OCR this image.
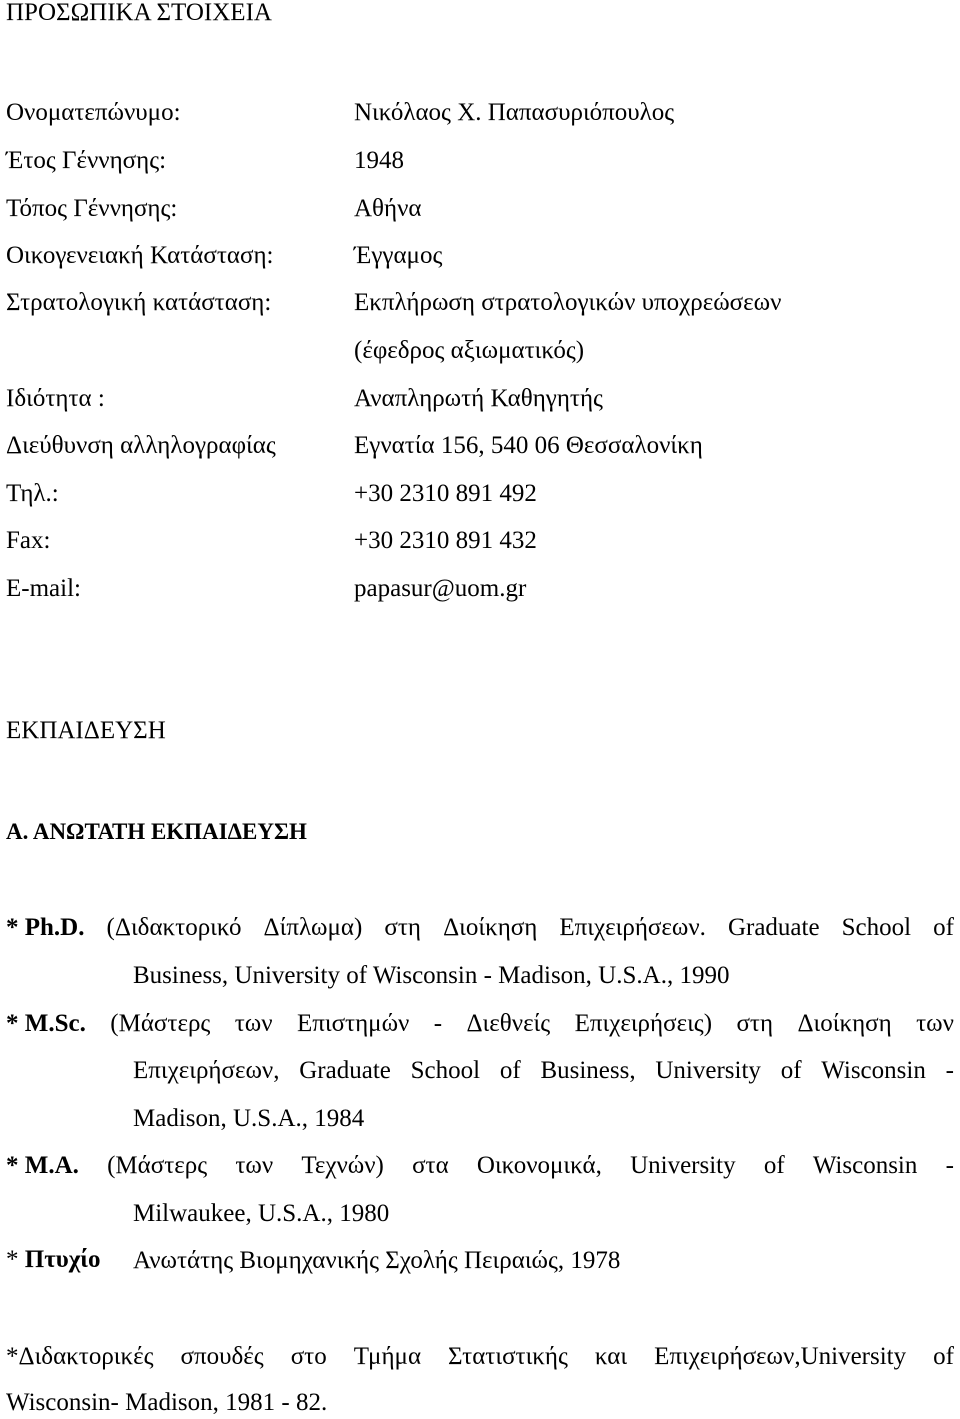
ΠΡΟΣΩΠΙΚΑ ΣΤΟΙΧΕΙΑ
Ονοματεπώνυμο:	Νικόλαος Χ. Παπασυριόπουλος
Έτος Γέννησης:	1948
Τόπος Γέννησης:	Αθήνα
Οικογενειακή Κατάσταση:	Έγγαμος
Στρατολογική κατάσταση:	Εκπλήρωση στρατολογικών υποχρεώσεων
(έφεδρος αξιωματικός)
Ιδιότητα :	Αναπληρωτή Καθηγητής
Διεύθυνση αλληλογραφίας	Εγνατία 156, 540 06 Θεσσαλονίκη
Τηλ.:	+30 2310 891 492
Fax:	+30 2310 891 432
E-mail:	papasur@uom.gr
ΕΚΠΑΙΔΕΥΣΗ
Α. ΑΝΩΤΑΤΗ ΕΚΠΑΙΔΕΥΣΗ
* Ph.D. (Διδακτορικό Δίπλωμα) στη Διοίκηση Επιχειρήσεων. Graduate School of
Business, University of Wisconsin - Madison, U.S.A., 1990
* M.Sc. (Μάστερς των Επιστημών - Διεθνείς Επιχειρήσεις) στη Διοίκηση των
Επιχειρήσεων, Graduate School of Business, University of Wisconsin -
Madison, U.S.A., 1984
* M.A. (Μάστερς των Τεχνών) στα Οικονομικά, University of Wisconsin -
Milwaukee, U.S.A., 1980
* Πτυχίο Ανωτάτης Βιομηχανικής Σχολής Πειραιώς, 1978
*Διδακτορικές σπουδές στο Τμήμα Στατιστικής και Επιχειρήσεων,University of
Wisconsin- Madison, 1981 - 82.
